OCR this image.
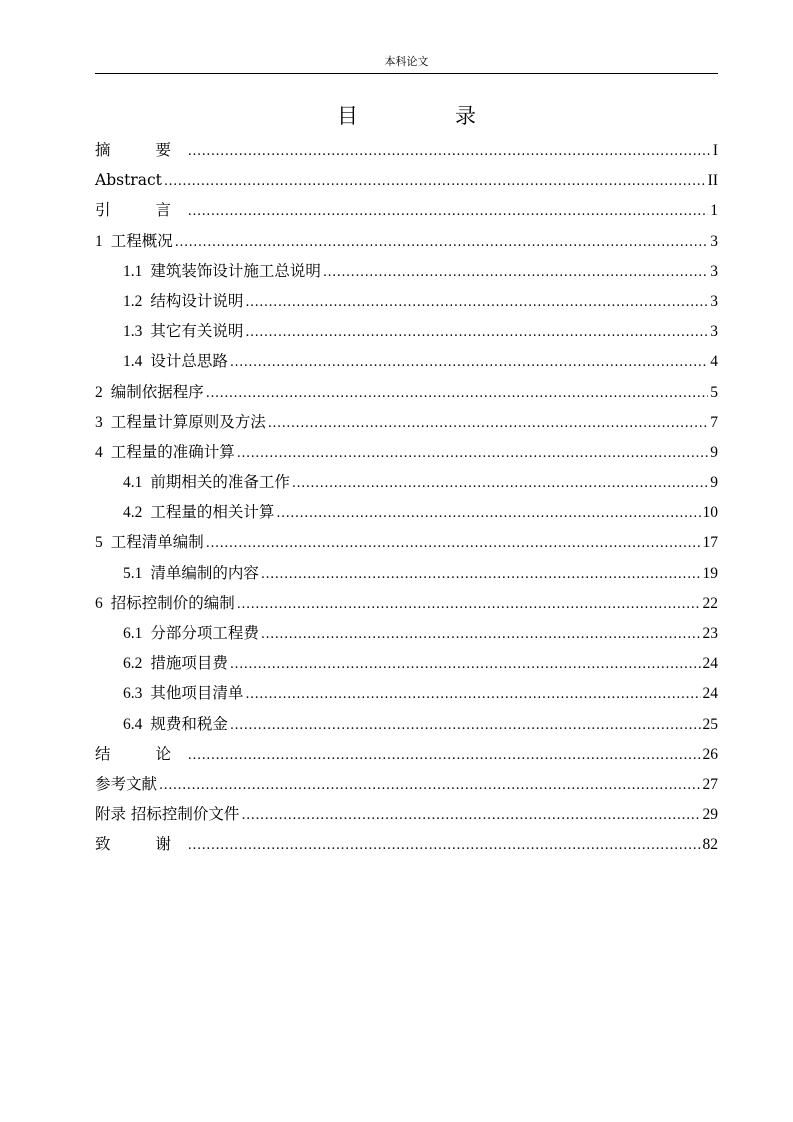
本科论文
目　录
摘　要 .....	I
Abstract .....	II
引　言 .....	1
1 工程概况 .....	3
1.1 建筑装饰设计施工总说明 .....	3
1.2 结构设计说明 .....	3
1.3 其它有关说明 .....	3
1.4 设计总思路 .....	4
2 编制依据程序 .....	5
3 工程量计算原则及方法 .....	7
4 工程量的准确计算 .....	9
4.1 前期相关的准备工作 .....	9
4.2 工程量的相关计算 .....	10
5 工程清单编制 .....	17
5.1 清单编制的内容 .....	19
6 招标控制价的编制 .....	22
6.1 分部分项工程费 .....	23
6.2 措施项目费 .....	24
6.3 其他项目清单 .....	24
6.4 规费和税金 .....	25
结　论 .....	26
参考文献 .....	27
附录 招标控制价文件 .....	29
致　谢 .....	82
